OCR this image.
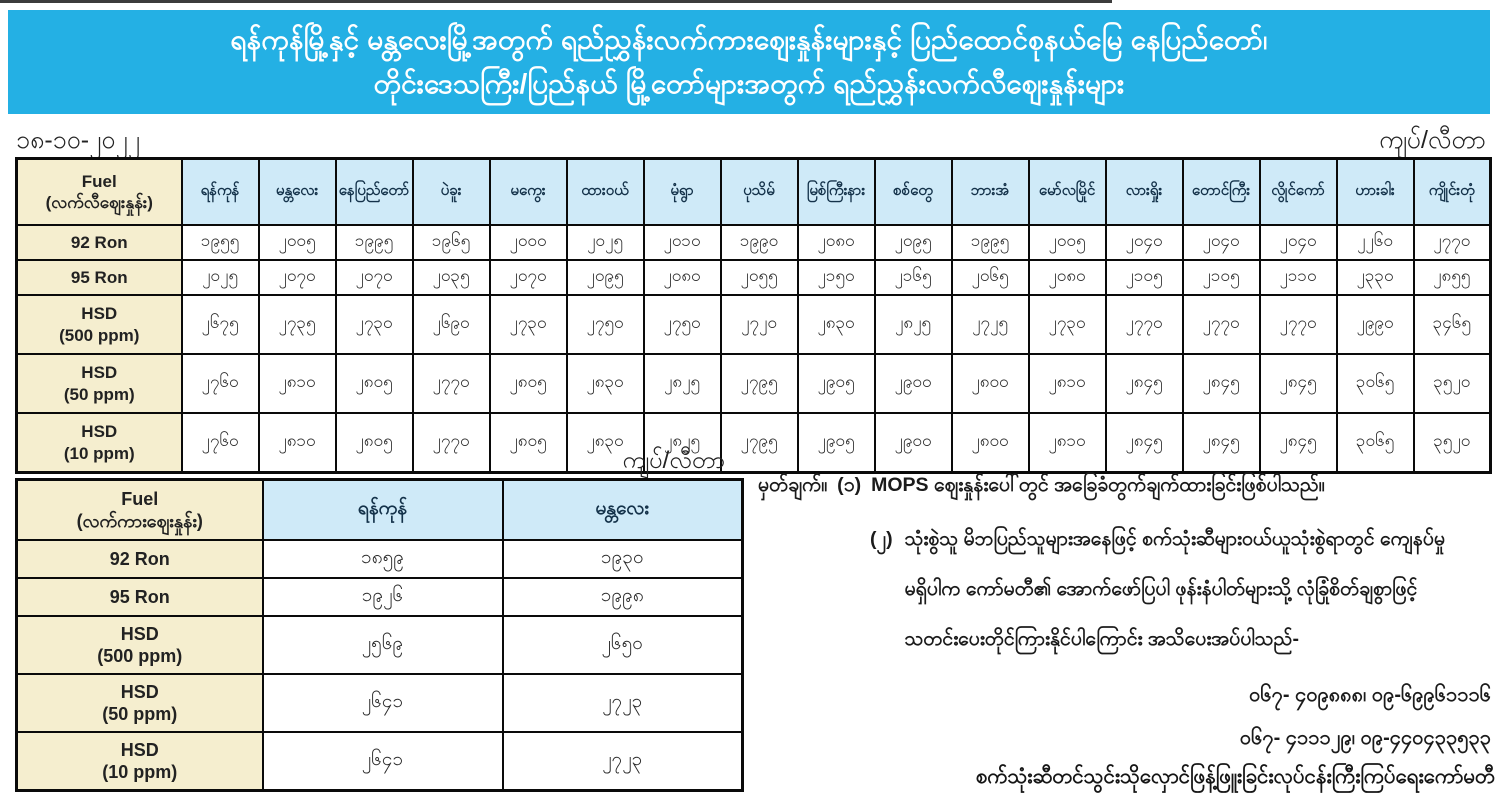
ရန်ကုန်မြို့နှင့် မန္တလေးမြို့အတွက် ရည်ညွှန်းလက်ကားဈေးနှုန်းများနှင့် ပြည်ထောင်စုနယ်မြေ နေပြည်တော်၊
တိုင်းဒေသကြီး/ပြည်နယ် မြို့တော်များအတွက် ရည်ညွှန်းလက်လီဈေးနှုန်းများ
၁၈-၁၀-၂၀၂၂	ကျပ်/လီတာ
Fuel
(လက်လီဈေးနှုန်း)	ရန်ကုန်	မန္တလေး	နေပြည်တော်	ပဲခူး	မကွေး	ထားဝယ်	မုံရွာ	ပုသိမ်	မြစ်ကြီးနား	စစ်တွေ	ဘားအံ	မော်လမြိုင်	လားရှိုး	တောင်ကြီး	လွိုင်ကော်	ဟားခါး	ကျိုင်းတုံ

92 Ron	၁၉၅၅	၂၀၀၅	၁၉၉၅	၁၉၆၅	၂၀၀၀	၂၀၂၅	၂၀၁၀	၁၉၉၀	၂၀၈၀	၂၀၉၅	၁၉၉၅	၂၀၀၅	၂၀၄၀	၂၀၄၀	၂၀၄၀	၂၂၆၀	၂၇၇၀

95 Ron	၂၀၂၅	၂၀၇၀	၂၀၇၀	၂၀၃၅	၂၀၇၀	၂၀၉၅	၂၀၈၀	၂၀၅၅	၂၁၅၀	၂၁၆၅	၂၀၆၅	၂၀၈၀	၂၁၀၅	၂၁၀၅	၂၁၁၀	၂၃၃၀	၂၈၅၅

HSD
(500 ppm)	၂၆၇၅	၂၇၃၅	၂၇၃၀	၂၆၉၀	၂၇၃၀	၂၇၅၀	၂၇၅၀	၂၇၂၀	၂၈၃၀	၂၈၂၅	၂၇၂၅	၂၇၃၀	၂၇၇၀	၂၇၇၀	၂၇၇၀	၂၉၉၀	၃၄၆၅

HSD
(50 ppm)	၂၇၆၀	၂၈၁၀	၂၈၀၅	၂၇၇၀	၂၈၀၅	၂၈၃၀	၂၈၂၅	၂၇၉၅	၂၉၀၅	၂၉၀၀	၂၈၀၀	၂၈၁၀	၂၈၄၅	၂၈၄၅	၂၈၄၅	၃၀၆၅	၃၅၂၀

HSD
(10 ppm)	၂၇၆၀	၂၈၁၀	၂၈၀၅	၂၇၇၀	၂၈၀၅	၂၈၃၀	၂၈၂၅	၂၇၉၅	၂၉၀၅	၂၉၀၀	၂၈၀၀	၂၈၁၀	၂၈၄၅	၂၈၄၅	၂၈၄၅	၃၀၆၅	၃၅၂၀
ကျပ်/လီတာ
Fuel
(လက်ကားဈေးနှုန်း)	ရန်ကုန်	မန္တလေး

92 Ron	၁၈၅၉	၁၉၃၀

95 Ron	၁၉၂၆	၁၉၉၈

HSD
(500 ppm)	၂၅၆၉	၂၆၅၀

HSD
(50 ppm)	၂၆၄၁	၂၇၂၃

HSD
(10 ppm)	၂၆၄၁	၂၇၂၃
မှတ်ချက်။ (၁) MOPS ဈေးနှုန်းပေါ်တွင် အခြေခံတွက်ချက်ထားခြင်းဖြစ်ပါသည်။
(၂) သုံးစွဲသူ မိဘပြည်သူများအနေဖြင့် စက်သုံးဆီများဝယ်ယူသုံးစွဲရာတွင် ကျေနပ်မှု
မရှိပါက ကော်မတီ၏ အောက်ဖော်ပြပါ ဖုန်းနံပါတ်များသို့ လုံခြုံစိတ်ချစွာဖြင့်
သတင်းပေးတိုင်ကြားနိုင်ပါကြောင်း အသိပေးအပ်ပါသည်-
ဝ၆၇- ၄၀၉၈၈၈၊ ဝ၉-၆၉၉၆၁၁၁၆
ဝ၆၇- ၄၁၁၁၂၉၊ ဝ၉-၄၄၀၄၃၃၅၃၃
စက်သုံးဆီတင်သွင်းသိုလှောင်ဖြန့်ဖြူးခြင်းလုပ်ငန်းကြီးကြပ်ရေးကော်မတီ
